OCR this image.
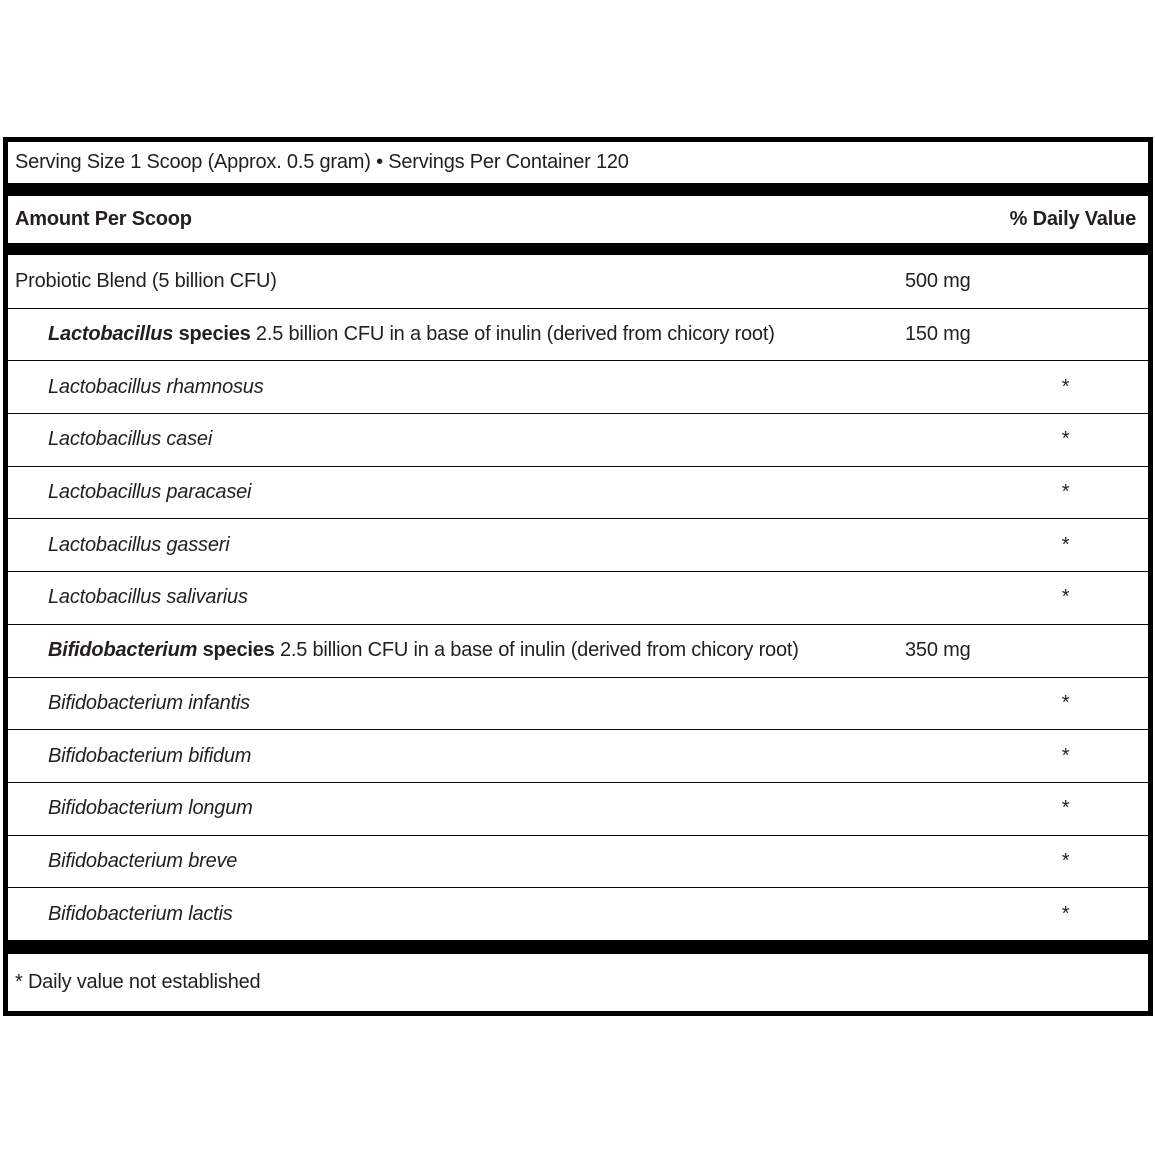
Serving Size 1 Scoop (Approx. 0.5 gram) • Servings Per Container 120
Amount Per Scoop	% Daily Value
Probiotic Blend (5 billion CFU)	500 mg
Lactobacillus species 2.5 billion CFU in a base of inulin (derived from chicory root)	150 mg
Lactobacillus rhamnosus	*
Lactobacillus casei	*
Lactobacillus paracasei	*
Lactobacillus gasseri	*
Lactobacillus salivarius	*
Bifidobacterium species 2.5 billion CFU in a base of inulin (derived from chicory root)	350 mg
Bifidobacterium infantis	*
Bifidobacterium bifidum	*
Bifidobacterium longum	*
Bifidobacterium breve	*
Bifidobacterium lactis	*
* Daily value not established
